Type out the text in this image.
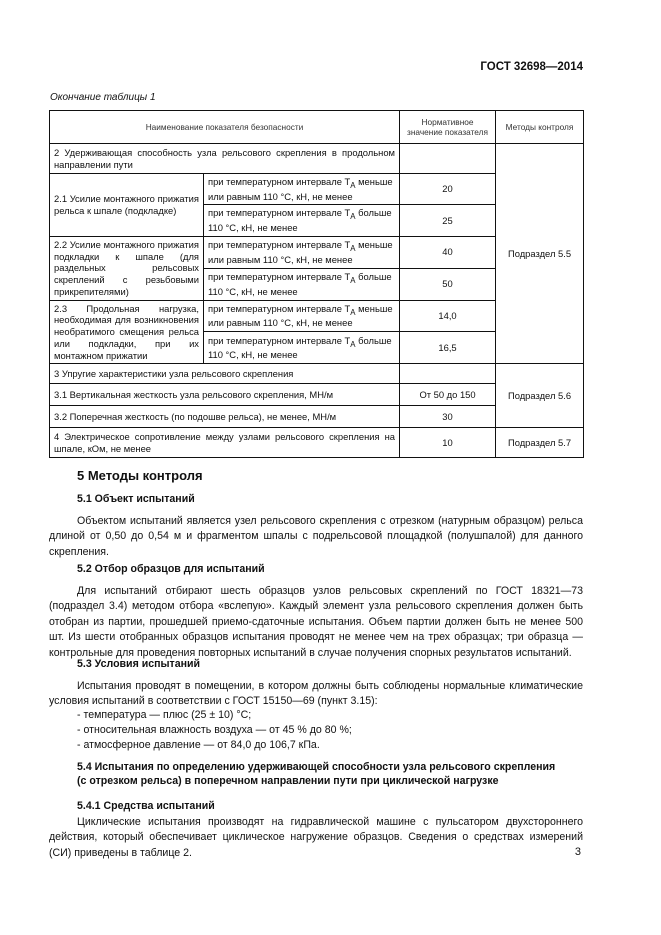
ГОСТ 32698—2014
Окончание таблицы 1
Наименование показателя безопасности		Нормативное значение показателя	Методы контроля
2 Удерживающая способность узла рельсового скрепления в продольном направлении пути			Подраздел 5.5
2.1 Усилие монтажного прижатия рельса к шпале (подкладке)	при температурном интервале $Т_А$ меньше или равным 110 °С, кН, не менее	20	
	при температурном интервале $Т_А$ больше 110 °С, кН, не менее	25	
2.2 Усилие монтажного прижатия подкладки к шпале (для раздельных рельсовых скреплений с резьбовыми прикрепителями)	при температурном интервале $Т_А$ меньше или равным 110 °С, кН, не менее	40	
	при температурном интервале $Т_А$ больше 110 °С, кН, не менее	50	
2.3 Продольная нагрузка, необходимая для возникновения необратимого смещения рельса или подкладки, при их монтажном прижатии	при температурном интервале $Т_А$ меньше или равным 110 °С, кН, не менее	14,0	
	при температурном интервале $Т_А$ больше 110 °С, кН, не менее	16,5	
3 Упругие характеристики узла рельсового скрепления			Подраздел 5.6
3.1 Вертикальная жесткость узла рельсового скрепления, МН/м		От 50 до 150	
3.2 Поперечная жесткость (по подошве рельса), не менее, МН/м		30	
4 Электрическое сопротивление между узлами рельсового скрепления на шпале, кОм, не менее		10	Подраздел 5.7
5 Методы контроля
5.1 Объект испытаний

Объектом испытаний является узел рельсового скрепления с отрезком (натурным образцом) рельса длиной от 0,50 до 0,54 м и фрагментом шпалы с подрельсовой площадкой (полушпалой) для данного скрепления.

5.2 Отбор образцов для испытаний

Для испытаний отбирают шесть образцов узлов рельсовых скреплений по ГОСТ 18321—73 (подраздел 3.4) методом отбора «вслепую». Каждый элемент узла рельсового скрепления должен быть отобран из партии, прошедшей приемо-сдаточные испытания. Объем партии должен быть не менее 500 шт. Из шести отобранных образцов испытания проводят не менее чем на трех образцах; три образца — контрольные для проведения повторных испытаний в случае получения спорных результатов испытаний.

5.3 Условия испытаний

Испытания проводят в помещении, в котором должны быть соблюдены нормальные климатические условия испытаний в соответствии с ГОСТ 15150—69 (пункт 3.15):

- температура — плюс (25 ± 10) °С;
- относительная влажность воздуха — от 45 % до 80 %;
- атмосферное давление — от 84,0 до 106,7 кПа.
5.4 Испытания по определению удерживающей способности узла рельсового скрепления
(с отрезком рельса) в поперечном направлении пути при циклической нагрузке
5.4.1 Средства испытаний

Циклические испытания производят на гидравлической машине с пульсатором двухстороннего действия, который обеспечивает циклическое нагружение образцов. Сведения о средствах измерений (СИ) приведены в таблице 2.	3
